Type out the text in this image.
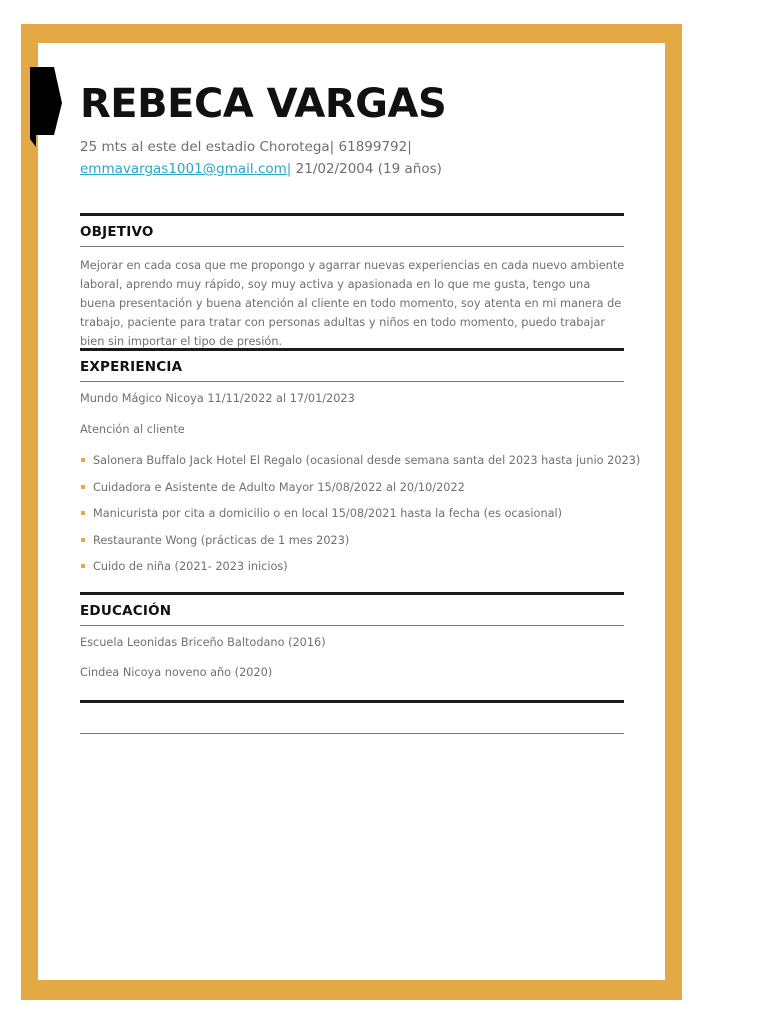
REBECA VARGAS
25 mts al este del estadio Chorotega| 61899792|
emmavargas1001@gmail.com| 21/02/2004 (19 años)
OBJETIVO
Mejorar en cada cosa que me propongo y agarrar nuevas experiencias en cada nuevo ambiente laboral, aprendo muy rápido, soy muy activa y apasionada en lo que me gusta, tengo una buena presentación y buena atención al cliente en todo momento, soy atenta en mi manera de trabajo, paciente para tratar con personas adultas y niños en todo momento, puedo trabajar bien sin importar el tipo de presión.
EXPERIENCIA
Mundo Mágico Nicoya 11/11/2022 al 17/01/2023
Atención al cliente
Salonera Buffalo Jack Hotel El Regalo (ocasional desde semana santa del 2023 hasta junio 2023)
Cuidadora e Asistente de Adulto Mayor 15/08/2022 al 20/10/2022
Manicurista por cita a domicilio o en local 15/08/2021 hasta la fecha (es ocasional)
Restaurante Wong (prácticas de 1 mes 2023)
Cuido de niña (2021- 2023 inicios)
EDUCACIÓN
Escuela Leonidas Briceño Baltodano (2016)
Cindea Nicoya noveno año (2020)
